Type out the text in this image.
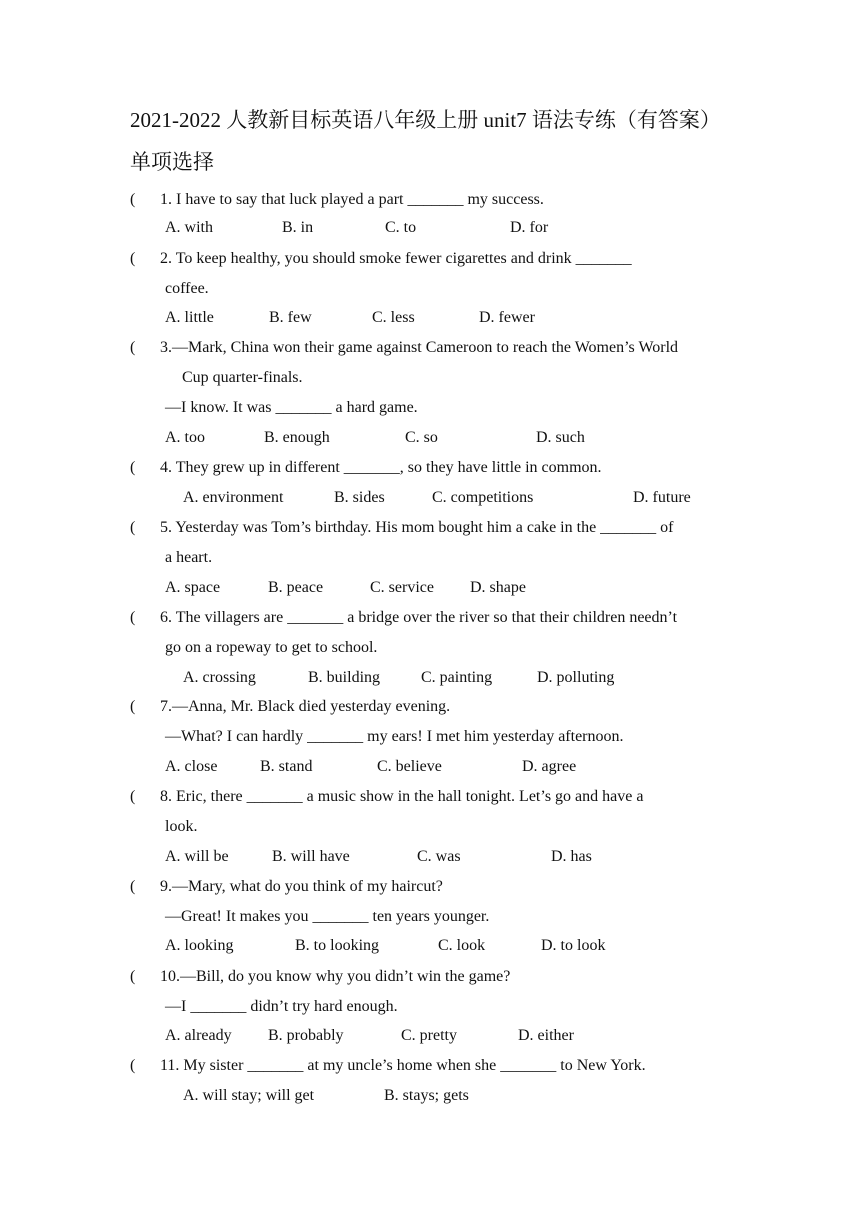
2021-2022 人教新目标英语八年级上册 unit7 语法专练（有答案）
单项选择
( 1. I have to say that luck played a part _______ my success.
A. with	B. in	C. to	D. for
( 2. To keep healthy, you should smoke fewer cigarettes and drink _______
coffee.
A. little	B. few	C. less	D. fewer
( 3.—Mark, China won their game against Cameroon to reach the Women’s World
Cup quarter-finals.
—I know. It was _______ a hard game.
A. too	B. enough	C. so	D. such
( 4. They grew up in different _______, so they have little in common.
A. environment	B. sides	C. competitions	D. future
( 5. Yesterday was Tom’s birthday. His mom bought him a cake in the _______ of
a heart.
A. space	B. peace	C. service D. shape
( 6. The villagers are _______ a bridge over the river so that their children needn’t
go on a ropeway to get to school.
A. crossing	B. building	C. painting	D. polluting
( 7.—Anna, Mr. Black died yesterday evening.
—What? I can hardly _______ my ears! I met him yesterday afternoon.
A. close	B. stand	C. believe	D. agree
( 8. Eric, there _______ a music show in the hall tonight. Let’s go and have a
look.
A. will be	B. will have	C. was	D. has
( 9.—Mary, what do you think of my haircut?
—Great! It makes you _______ ten years younger.
A. looking	B. to looking	C. look	D. to look
( 10.—Bill, do you know why you didn’t win the game?
—I _______ didn’t try hard enough.
A. already B. probably	C. pretty	D. either
( 11. My sister _______ at my uncle’s home when she _______ to New York.
A. will stay; will get	B. stays; gets
